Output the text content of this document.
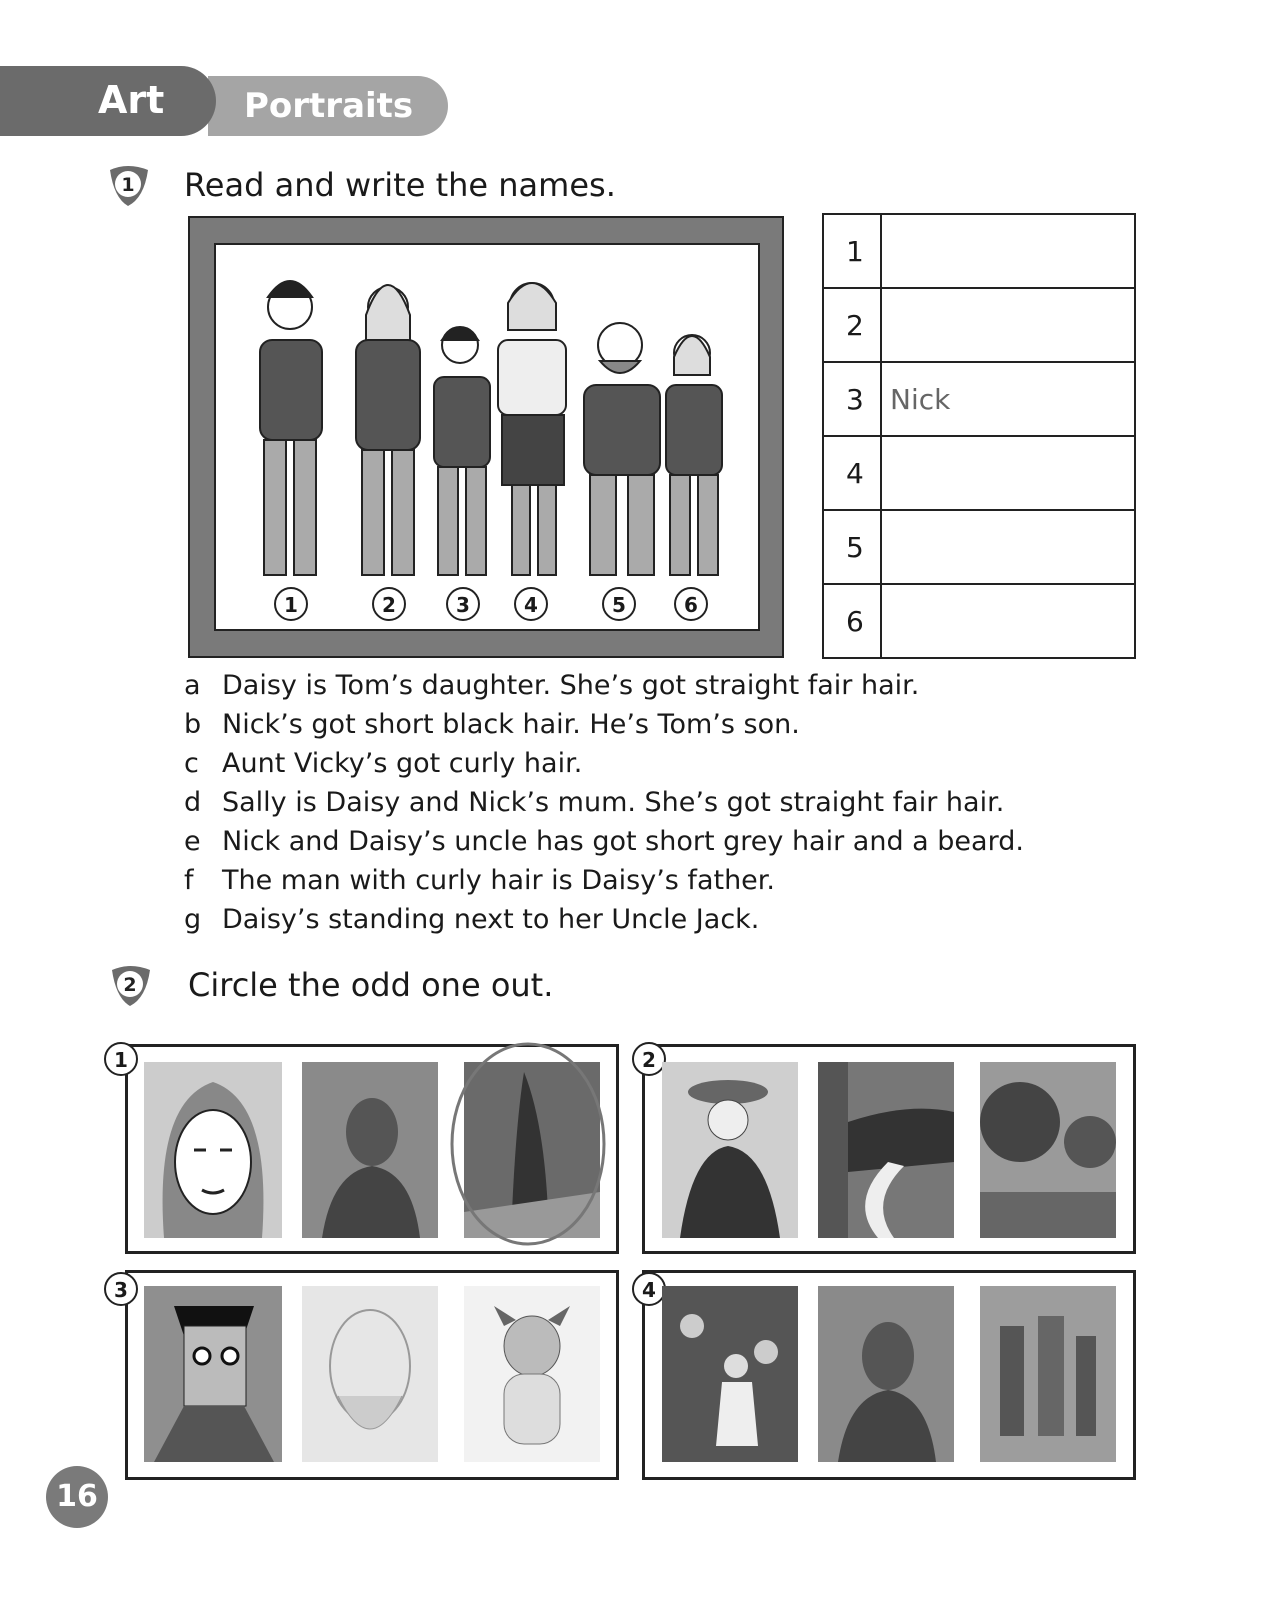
Portraits
Art
1 Read and write the names.
1	2	3	4	5	6
1	
2	
3	Nick
4	
5	
6	
a Daisy is Tom’s daughter. She’s got straight fair hair.
b Nick’s got short black hair. He’s Tom’s son.
c Aunt Vicky’s got curly hair.
d Sally is Daisy and Nick’s mum. She’s got straight fair hair.
e Nick and Daisy’s uncle has got short grey hair and a beard.
f The man with curly hair is Daisy’s father.
g Daisy’s standing next to her Uncle Jack.
2 Circle the odd one out.
1	2
3	4
16
